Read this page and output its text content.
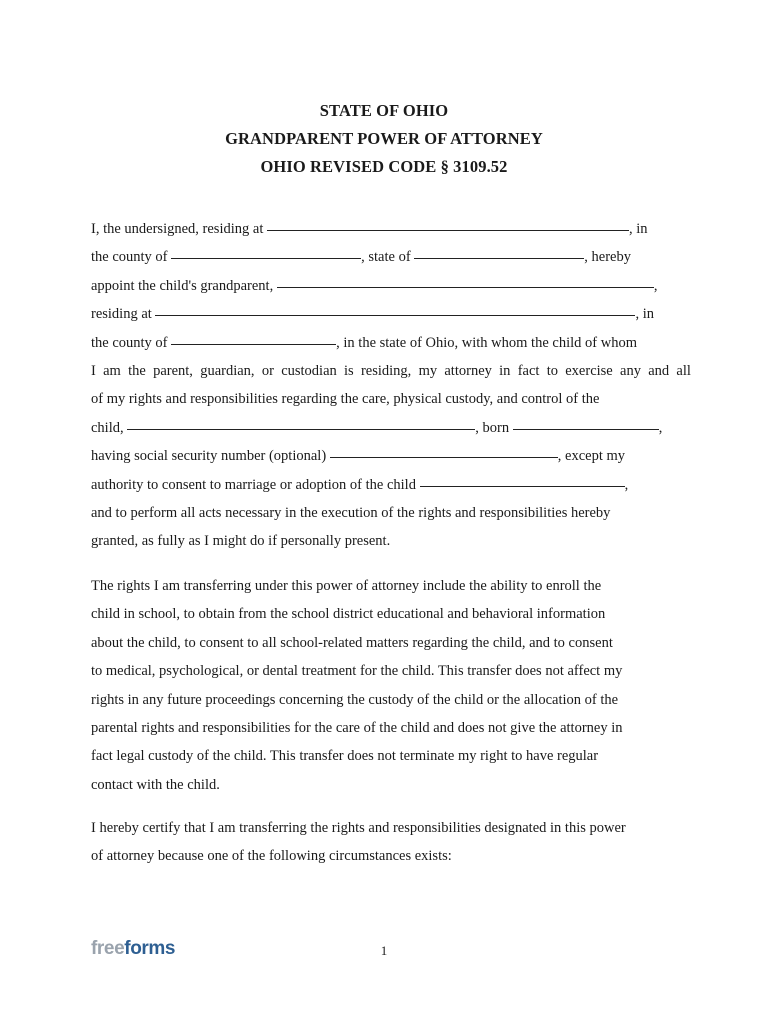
STATE OF OHIO
GRANDPARENT POWER OF ATTORNEY
OHIO REVISED CODE § 3109.52
I, the undersigned, residing at	, in
the county of	, state of	, hereby
appoint the child's grandparent,	,
residing at	, in
the county of	, in the state of Ohio, with whom the child of whom
I am the parent, guardian, or custodian is residing, my attorney in fact to exercise any and all
of my rights and responsibilities regarding the care, physical custody, and control of the
child,	, born	,
having social security number (optional)	, except my
authority to consent to marriage or adoption of the child	,
and to perform all acts necessary in the execution of the rights and responsibilities hereby
granted, as fully as I might do if personally present.
The rights I am transferring under this power of attorney include the ability to enroll the
child in school, to obtain from the school district educational and behavioral information
about the child, to consent to all school-related matters regarding the child, and to consent
to medical, psychological, or dental treatment for the child. This transfer does not affect my
rights in any future proceedings concerning the custody of the child or the allocation of the
parental rights and responsibilities for the care of the child and does not give the attorney in
fact legal custody of the child. This transfer does not terminate my right to have regular
contact with the child.
I hereby certify that I am transferring the rights and responsibilities designated in this power
of attorney because one of the following circumstances exists:
freeforms	1
